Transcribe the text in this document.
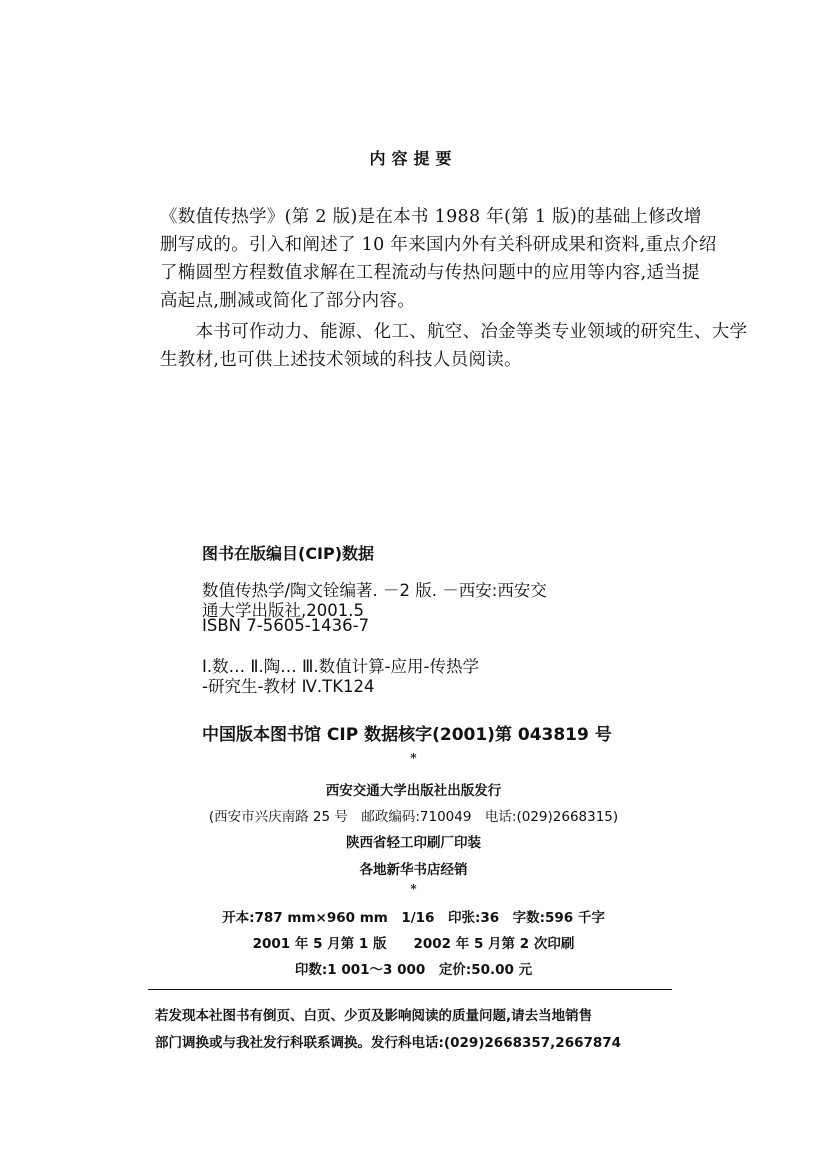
内容提要
《数值传热学》(第 2 版)是在本书 1988 年(第 1 版)的基础上修改增
删写成的。引入和阐述了 10 年来国内外有关科研成果和资料,重点介绍
了椭圆型方程数值求解在工程流动与传热问题中的应用等内容,适当提
高起点,删减或简化了部分内容。
　　本书可作动力、能源、化工、航空、冶金等类专业领域的研究生、大学
生教材,也可供上述技术领域的科技人员阅读。
图书在版编目(CIP)数据
数值传热学/陶文铨编著. －2 版. －西安:西安交
通大学出版社,2001.5
ISBN 7-5605-1436-7
Ⅰ.数… Ⅱ.陶… Ⅲ.数值计算-应用-传热学
-研究生-教材 Ⅳ.TK124
中国版本图书馆 CIP 数据核字(2001)第 043819 号
*
西安交通大学出版社出版发行
(西安市兴庆南路 25 号　邮政编码:710049　电话:(029)2668315)
陕西省轻工印刷厂印装
各地新华书店经销
*
开本:787 mm×960 mm　1/16　印张:36　字数:596 千字
2001 年 5 月第 1 版　　2002 年 5 月第 2 次印刷
印数:1 001～3 000　定价:50.00 元
若发现本社图书有倒页、白页、少页及影响阅读的质量问题,请去当地销售
部门调换或与我社发行科联系调换。发行科电话:(029)2668357,2667874
